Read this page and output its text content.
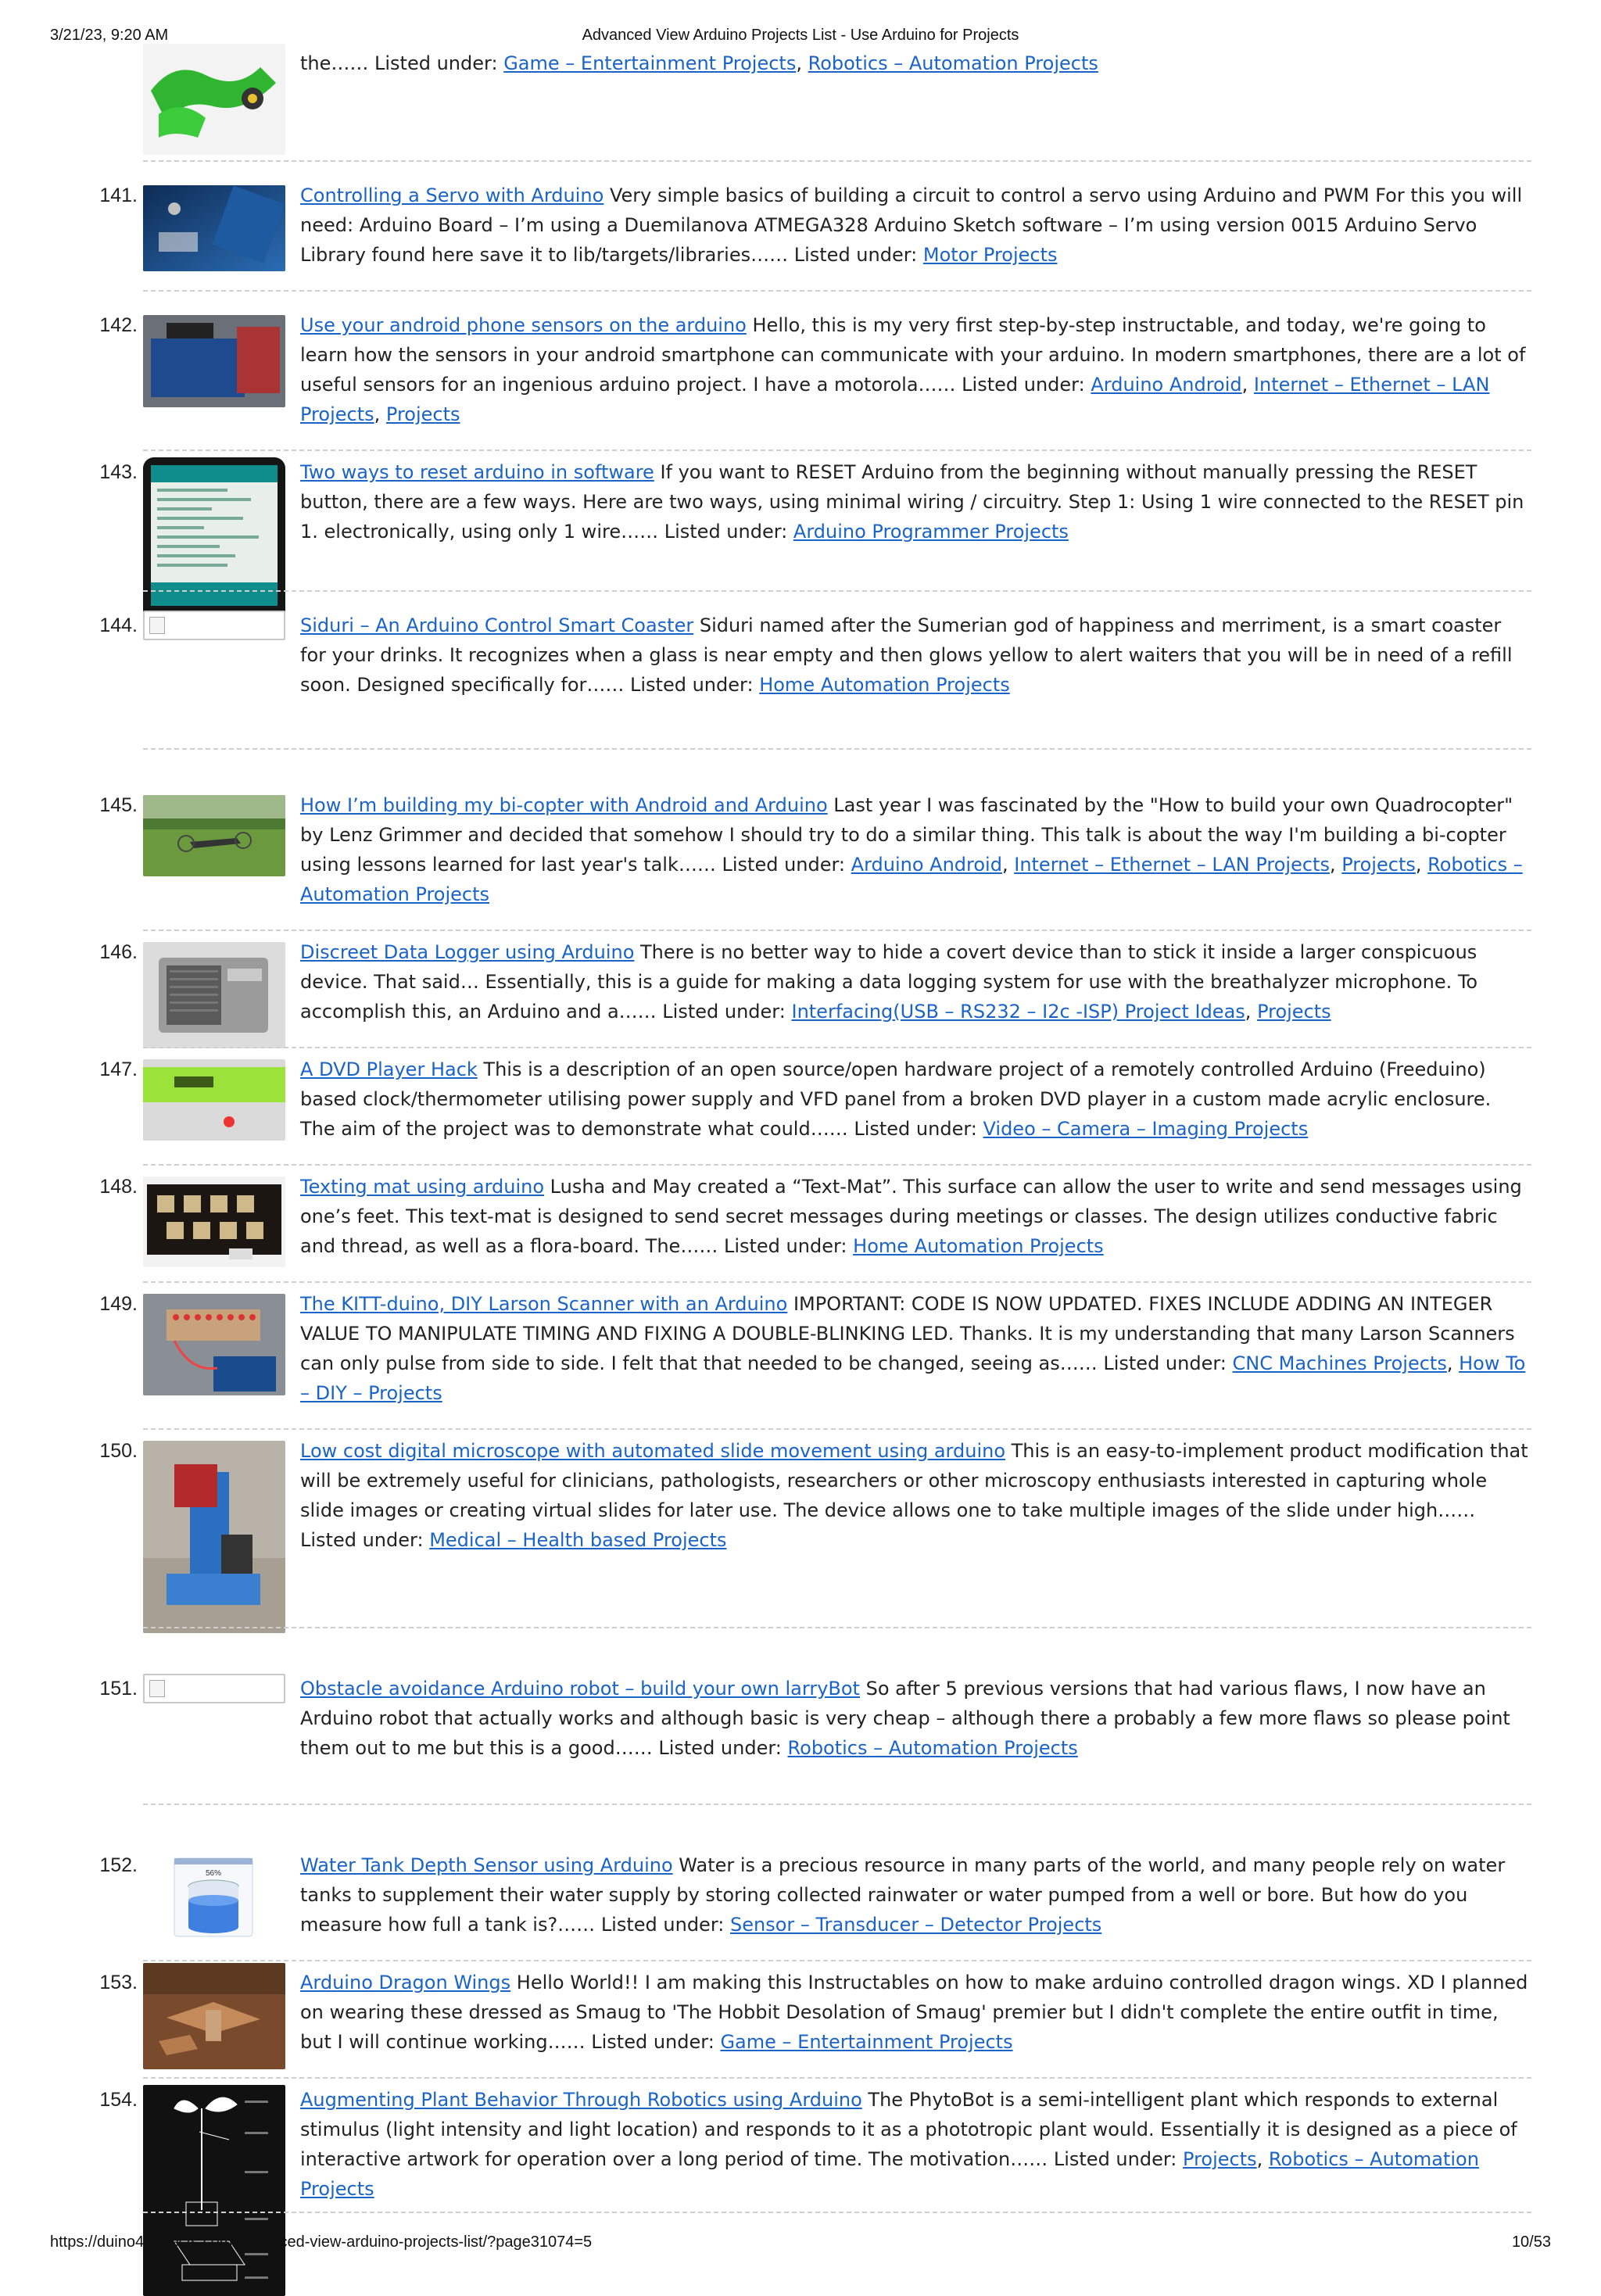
3/21/23, 9:20 AM	Advanced View Arduino Projects List - Use Arduino for Projects
the…… Listed under: Game – Entertainment Projects, Robotics – Automation Projects
141.	Controlling a Servo with Arduino Very simple basics of building a circuit to control a servo using Arduino and PWM For this you will need: Arduino Board – I’m using a Duemilanova ATMEGA328 Arduino Sketch software – I’m using version 0015 Arduino Servo Library found here save it to lib/targets/libraries…… Listed under: Motor Projects
142.	Use your android phone sensors on the arduino Hello, this is my very first step-by-step instructable, and today, we're going to learn how the sensors in your android smartphone can communicate with your arduino. In modern smartphones, there are a lot of useful sensors for an ingenious arduino project. I have a motorola…… Listed under: Arduino Android, Internet – Ethernet – LAN Projects, Projects
143.	Two ways to reset arduino in software If you want to RESET Arduino from the beginning without manually pressing the RESET button, there are a few ways. Here are two ways, using minimal wiring / circuitry. Step 1: Using 1 wire connected to the RESET pin 1. electronically, using only 1 wire…… Listed under: Arduino Programmer Projects
144.	Siduri – An Arduino Control Smart Coaster Siduri named after the Sumerian god of happiness and merriment, is a smart coaster for your drinks. It recognizes when a glass is near empty and then glows yellow to alert waiters that you will be in need of a refill soon. Designed specifically for…… Listed under: Home Automation Projects
145.	How I’m building my bi-copter with Android and Arduino Last year I was fascinated by the "How to build your own Quadrocopter" by Lenz Grimmer and decided that somehow I should try to do a similar thing. This talk is about the way I'm building a bi-copter using lessons learned for last year's talk…… Listed under: Arduino Android, Internet – Ethernet – LAN Projects, Projects, Robotics – Automation Projects
146.	Discreet Data Logger using Arduino There is no better way to hide a covert device than to stick it inside a larger conspicuous device. That said… Essentially, this is a guide for making a data logging system for use with the breathalyzer microphone. To accomplish this, an Arduino and a…… Listed under: Interfacing(USB – RS232 – I2c -ISP) Project Ideas, Projects
147.	A DVD Player Hack This is a description of an open source/open hardware project of a remotely controlled Arduino (Freeduino) based clock/thermometer utilising power supply and VFD panel from a broken DVD player in a custom made acrylic enclosure. The aim of the project was to demonstrate what could…… Listed under: Video – Camera – Imaging Projects
148.	Texting mat using arduino Lusha and May created a “Text-Mat”. This surface can allow the user to write and send messages using one’s feet. This text-mat is designed to send secret messages during meetings or classes. The design utilizes conductive fabric and thread, as well as a flora-board. The…… Listed under: Home Automation Projects
149.	The KITT-duino, DIY Larson Scanner with an Arduino IMPORTANT: CODE IS NOW UPDATED. FIXES INCLUDE ADDING AN INTEGER VALUE TO MANIPULATE TIMING AND FIXING A DOUBLE-BLINKING LED. Thanks. It is my understanding that many Larson Scanners can only pulse from side to side. I felt that that needed to be changed, seeing as…… Listed under: CNC Machines Projects, How To – DIY – Projects
150.	Low cost digital microscope with automated slide movement using arduino This is an easy-to-implement product modification that will be extremely useful for clinicians, pathologists, researchers or other microscopy enthusiasts interested in capturing whole slide images or creating virtual slides for later use. The device allows one to take multiple images of the slide under high…… Listed under: Medical – Health based Projects
151.	Obstacle avoidance Arduino robot – build your own larryBot So after 5 previous versions that had various flaws, I now have an Arduino robot that actually works and although basic is very cheap – although there a probably a few more flaws so please point them out to me but this is a good…… Listed under: Robotics – Automation Projects
152.	56%	Water Tank Depth Sensor using Arduino Water is a precious resource in many parts of the world, and many people rely on water tanks to supplement their water supply by storing collected rainwater or water pumped from a well or bore. But how do you measure how full a tank is?…… Listed under: Sensor – Transducer – Detector Projects
153.	Arduino Dragon Wings Hello World!! I am making this Instructables on how to make arduino controlled dragon wings. XD I planned on wearing these dressed as Smaug to 'The Hobbit Desolation of Smaug' premier but I didn't complete the entire outfit in time, but I will continue working…… Listed under: Game – Entertainment Projects
154.	Augmenting Plant Behavior Through Robotics using Arduino The PhytoBot is a semi-intelligent plant which responds to external stimulus (light intensity and light location) and responds to it as a phototropic plant would. Essentially it is designed as a piece of interactive artwork for operation over a long period of time. The motivation…… Listed under: Projects, Robotics – Automation Projects
https://duino4projects.com/advanced-view-arduino-projects-list/?page31074=5	10/53
